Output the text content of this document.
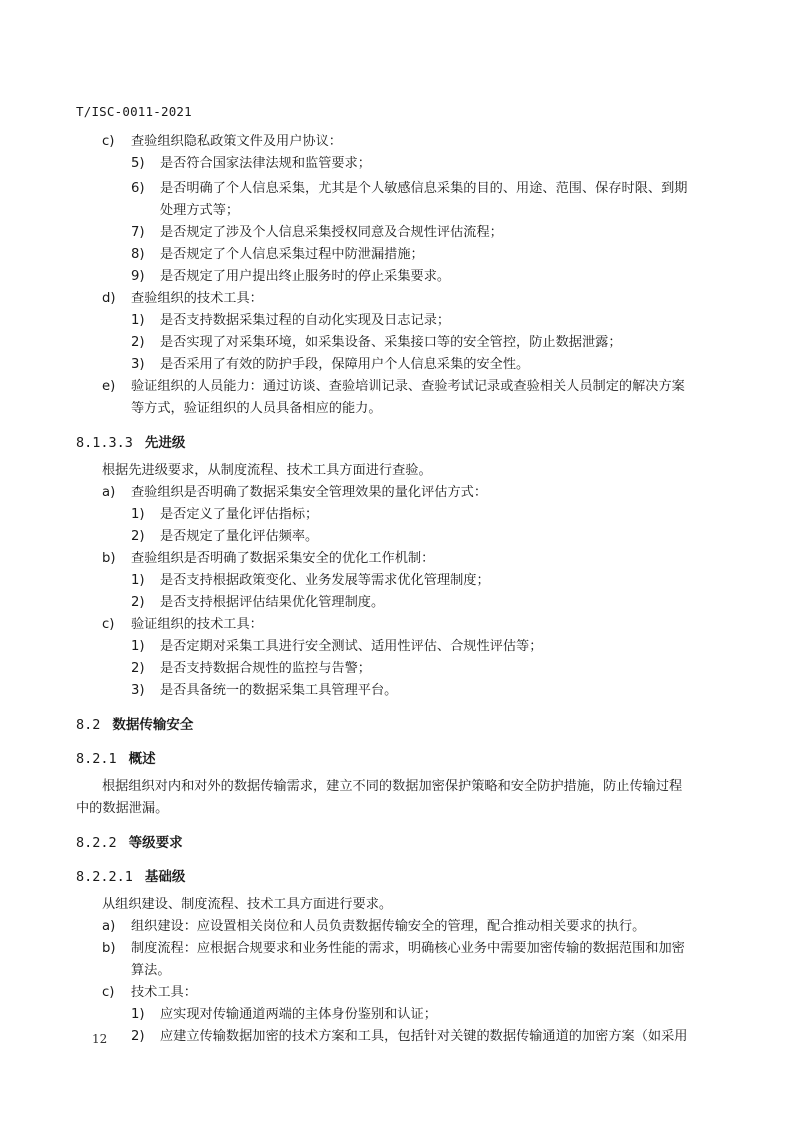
T/ISC-0011-2021
c) 查验组织隐私政策文件及用户协议：
5) 是否符合国家法律法规和监管要求；
6) 是否明确了个人信息采集，尤其是个人敏感信息采集的目的、用途、范围、保存时限、到期
处理方式等；
7) 是否规定了涉及个人信息采集授权同意及合规性评估流程；
8) 是否规定了个人信息采集过程中防泄漏措施；
9) 是否规定了用户提出终止服务时的停止采集要求。
d) 查验组织的技术工具：
1) 是否支持数据采集过程的自动化实现及日志记录；
2) 是否实现了对采集环境，如采集设备、采集接口等的安全管控，防止数据泄露；
3) 是否采用了有效的防护手段，保障用户个人信息采集的安全性。
e) 验证组织的人员能力：通过访谈、查验培训记录、查验考试记录或查验相关人员制定的解决方案
等方式，验证组织的人员具备相应的能力。
8.1.3.3 先进级
根据先进级要求，从制度流程、技术工具方面进行查验。
a) 查验组织是否明确了数据采集安全管理效果的量化评估方式：
1) 是否定义了量化评估指标；
2) 是否规定了量化评估频率。
b) 查验组织是否明确了数据采集安全的优化工作机制：
1) 是否支持根据政策变化、业务发展等需求优化管理制度；
2) 是否支持根据评估结果优化管理制度。
c) 验证组织的技术工具：
1) 是否定期对采集工具进行安全测试、适用性评估、合规性评估等；
2) 是否支持数据合规性的监控与告警；
3) 是否具备统一的数据采集工具管理平台。
8.2 数据传输安全
8.2.1 概述
根据组织对内和对外的数据传输需求，建立不同的数据加密保护策略和安全防护措施，防止传输过程
中的数据泄漏。
8.2.2 等级要求
8.2.2.1 基础级
从组织建设、制度流程、技术工具方面进行要求。
a) 组织建设：应设置相关岗位和人员负责数据传输安全的管理，配合推动相关要求的执行。
b) 制度流程：应根据合规要求和业务性能的需求，明确核心业务中需要加密传输的数据范围和加密
算法。
c) 技术工具：
1) 应实现对传输通道两端的主体身份鉴别和认证；
2) 应建立传输数据加密的技术方案和工具，包括针对关键的数据传输通道的加密方案（如采用
12
